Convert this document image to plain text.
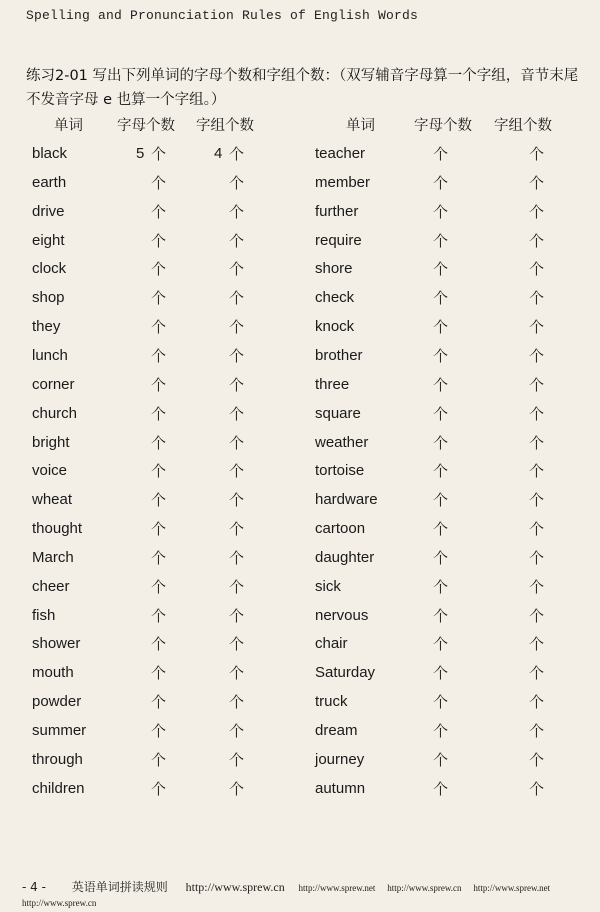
Spelling and Pronunciation Rules of English Words
练习2-01 写出下列单词的字母个数和字组个数：（双写辅音字母算一个字组，音节末尾不发音字母 e 也算一个字组。）
单词 字母个数 字组个数	单词	字母个数 字组个数
black	5 个	4 个	teacher	个	个
earth	个	个	member	个	个
drive	个	个	further	个	个
eight	个	个	require	个	个
clock	个	个	shore	个	个
shop	个	个	check	个	个
they	个	个	knock	个	个
lunch	个	个	brother	个	个
corner	个	个	three	个	个
church	个	个	square	个	个
bright	个	个	weather	个	个
voice	个	个	tortoise	个	个
wheat	个	个	hardware	个	个
thought	个	个	cartoon	个	个
March	个	个	daughter	个	个
cheer	个	个	sick	个	个
fish	个	个	nervous	个	个
shower	个	个	chair	个	个
mouth	个	个	Saturday	个	个
powder	个	个	truck	个	个
summer	个	个	dream	个	个
through	个	个	journey	个	个
children	个	个	autumn	个	个
- 4 - 英语单词拼读规则 http://www.sprew.cn http://www.sprew.net http://www.sprew.cn http://www.sprew.net http://www.sprew.cn
